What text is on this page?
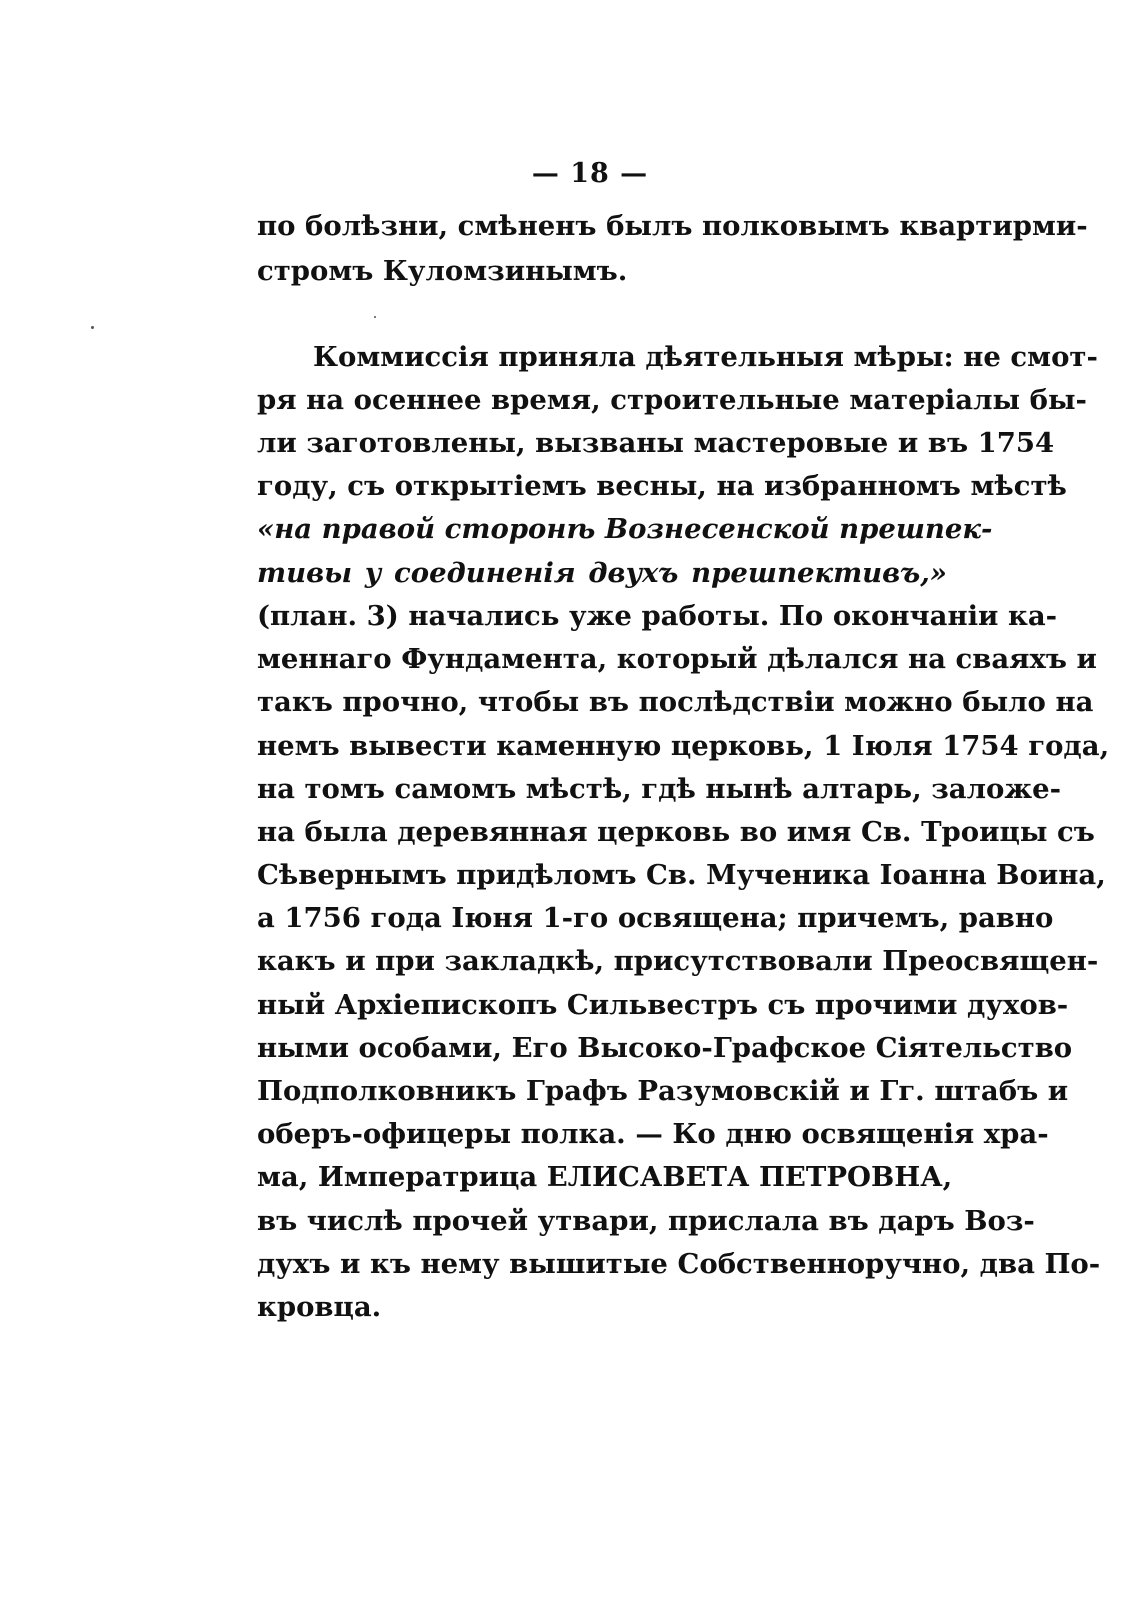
— 18 —
по болѣзни, смѣненъ былъ полковымъ квартирми-
стромъ Куломзинымъ.
Коммиссія приняла дѣятельныя мѣры: не смот-
ря на осеннее время, строительные матеріалы бы-
ли заготовлены, вызваны мастеровые и въ 1754
году, съ открытіемъ весны, на избранномъ мѣстѣ
«на правой сторонѣ Вознесенской прешпек-
тивы у соединенія двухъ прешпективъ,»
(план. 3) начались уже работы. По окончаніи ка-
меннаго Фундамента, который дѣлался на сваяхъ и
такъ прочно, чтобы въ послѣдствіи можно было на
немъ вывести каменную церковь, 1 Іюля 1754 года,
на томъ самомъ мѣстѣ, гдѣ нынѣ алтарь, заложе-
на была деревянная церковь во имя Св. Троицы съ
Сѣвернымъ придѣломъ Св. Мученика Іоанна Воина,
а 1756 года Іюня 1-го освящена; причемъ, равно
какъ и при закладкѣ, присутствовали Преосвящен-
ный Архіепископъ Сильвестръ съ прочими духов-
ными особами, Его Высоко-Графское Сіятельство
Подполковникъ Графъ Разумовскій и Гг. штабъ и
оберъ-офицеры полка. — Ко дню освященія хра-
ма, Императрица ЕЛИСАВЕТА ПЕТРОВНА,
въ числѣ прочей утвари, прислала въ даръ Воз-
духъ и къ нему вышитые Собственноручно, два По-
кровца.
